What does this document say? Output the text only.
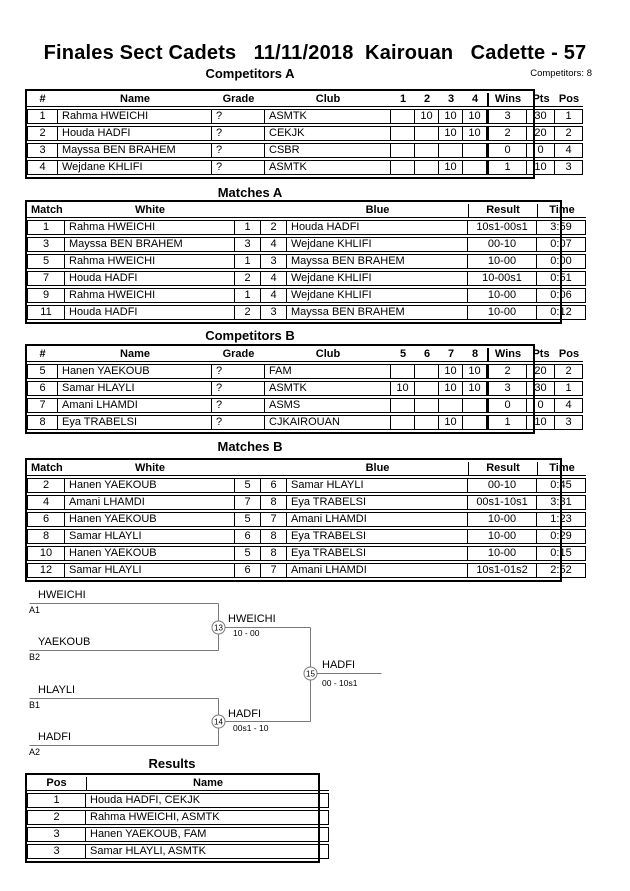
Finales Sect Cadets   11/11/2018  Kairouan   Cadette - 57
Competitors A	Competitors: 8
#	Name	Grade	Club	1	2	3	4	Wins	Pts	Pos
1	Rahma HWEICHI	?	ASMTK		10	10	10	3	30	1
2	Houda HADFI	?	CEKJK			10	10	2	20	2
3	Mayssa BEN BRAHEM	?	CSBR					0	0	4
4	Wejdane KHLIFI	?	ASMTK			10		1	10	3
Matches A
Match	White			Blue	Result	Time
1	Rahma HWEICHI	1	2	Houda HADFI	10s1-00s1	3:59
3	Mayssa BEN BRAHEM	3	4	Wejdane KHLIFI	00-10	0:07
5	Rahma HWEICHI	1	3	Mayssa BEN BRAHEM	10-00	0:00
7	Houda HADFI	2	4	Wejdane KHLIFI	10-00s1	0:51
9	Rahma HWEICHI	1	4	Wejdane KHLIFI	10-00	0:06
11	Houda HADFI	2	3	Mayssa BEN BRAHEM	10-00	0:12
Competitors B
#	Name	Grade	Club	5	6	7	8	Wins	Pts	Pos
5	Hanen YAEKOUB	?	FAM			10	10	2	20	2
6	Samar HLAYLI	?	ASMTK	10		10	10	3	30	1
7	Amani LHAMDI	?	ASMS					0	0	4
8	Eya TRABELSI	?	CJKAIROUAN			10		1	10	3
Matches B
Match	White			Blue	Result	Time
2	Hanen YAEKOUB	5	6	Samar HLAYLI	00-10	0:45
4	Amani LHAMDI	7	8	Eya TRABELSI	00s1-10s1	3:31
6	Hanen YAEKOUB	5	7	Amani LHAMDI	10-00	1:23
8	Samar HLAYLI	6	8	Eya TRABELSI	10-00	0:29
10	Hanen YAEKOUB	5	8	Eya TRABELSI	10-00	0:15
12	Samar HLAYLI	6	7	Amani LHAMDI	10s1-01s2	2:52
HWEICHI
A1
YAEKOUB
B2
HLAYLI
B1
HADFI
A2
13
HWEICHI
10 - 00
14
HADFI
00s1 - 10
15
HADFI
00 - 10s1
Results
Pos	Name
1	Houda HADFI, CEKJK
2	Rahma HWEICHI, ASMTK
3	Hanen YAEKOUB, FAM
3	Samar HLAYLI, ASMTK
